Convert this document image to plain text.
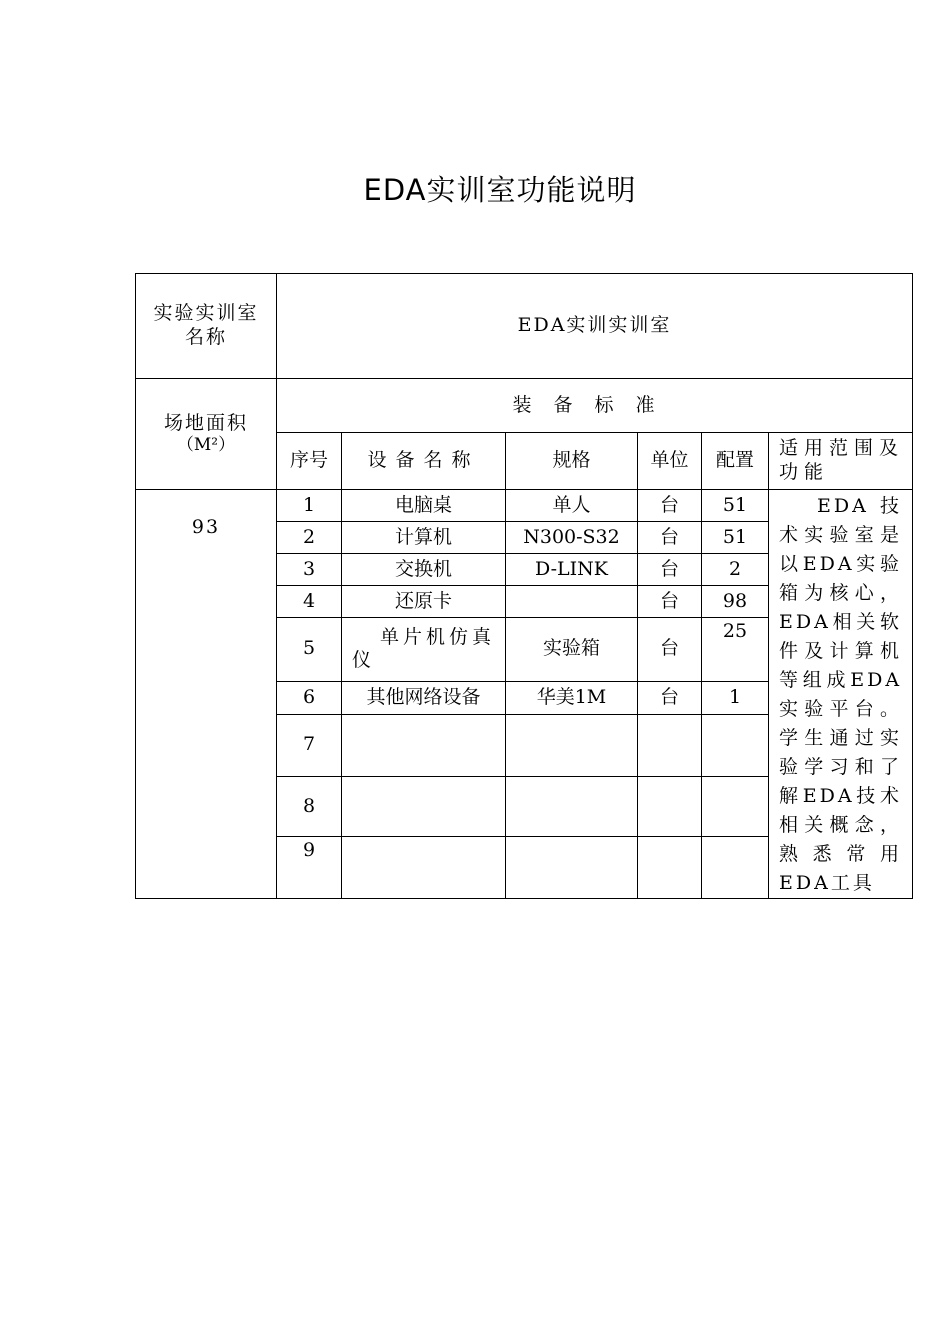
EDA实训室功能说明
实验实训室
名称	EDA实训实训室					

场地面积
（M²）	装备标准					
	序号	设备名称	规格	单位	配置	适用范围及功能
93	1	电脑桌	单人	台	51	EDA技术实验室是以EDA实验箱为核心，EDA相关软件及计算机等组成EDA实验平台。学生通过实验学习和了解EDA技术相关概念，熟悉常用EDA工具
	2	计算机	N300-S32	台	51	
	3	交换机	D-LINK	台	2	
	4	还原卡		台	98	
	5	单片机仿真仪	实验箱	台	25	
	6	其他网络设备	华美1M	台	1	
	7					
	8					
	9					
